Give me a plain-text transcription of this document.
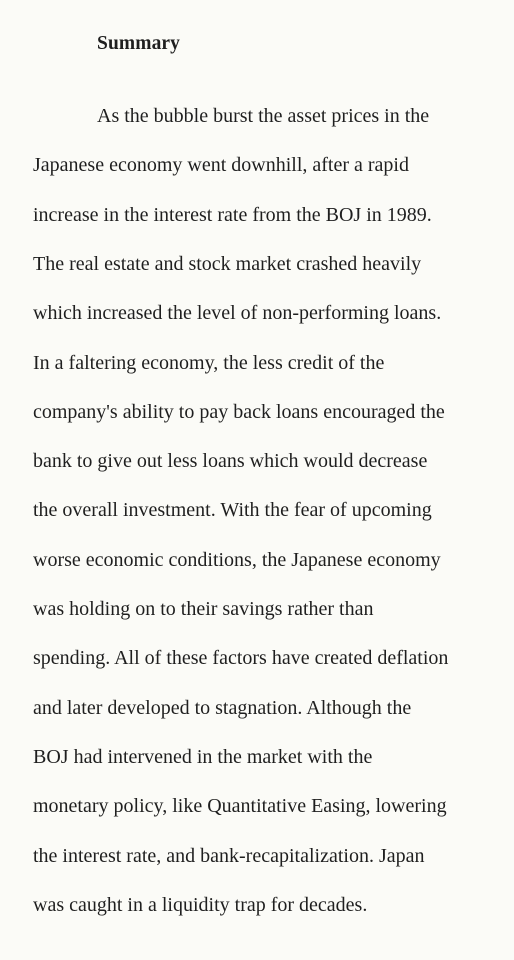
Summary

As the bubble burst the asset prices in the

Japanese economy went downhill, after a rapid

increase in the interest rate from the BOJ in 1989.

The real estate and stock market crashed heavily

which increased the level of non-performing loans.

In a faltering economy, the less credit of the

company's ability to pay back loans encouraged the

bank to give out less loans which would decrease

the overall investment. With the fear of upcoming

worse economic conditions, the Japanese economy

was holding on to their savings rather than

spending. All of these factors have created deflation

and later developed to stagnation. Although the

BOJ had intervened in the market with the

monetary policy, like Quantitative Easing, lowering

the interest rate, and bank-recapitalization. Japan

was caught in a liquidity trap for decades.
